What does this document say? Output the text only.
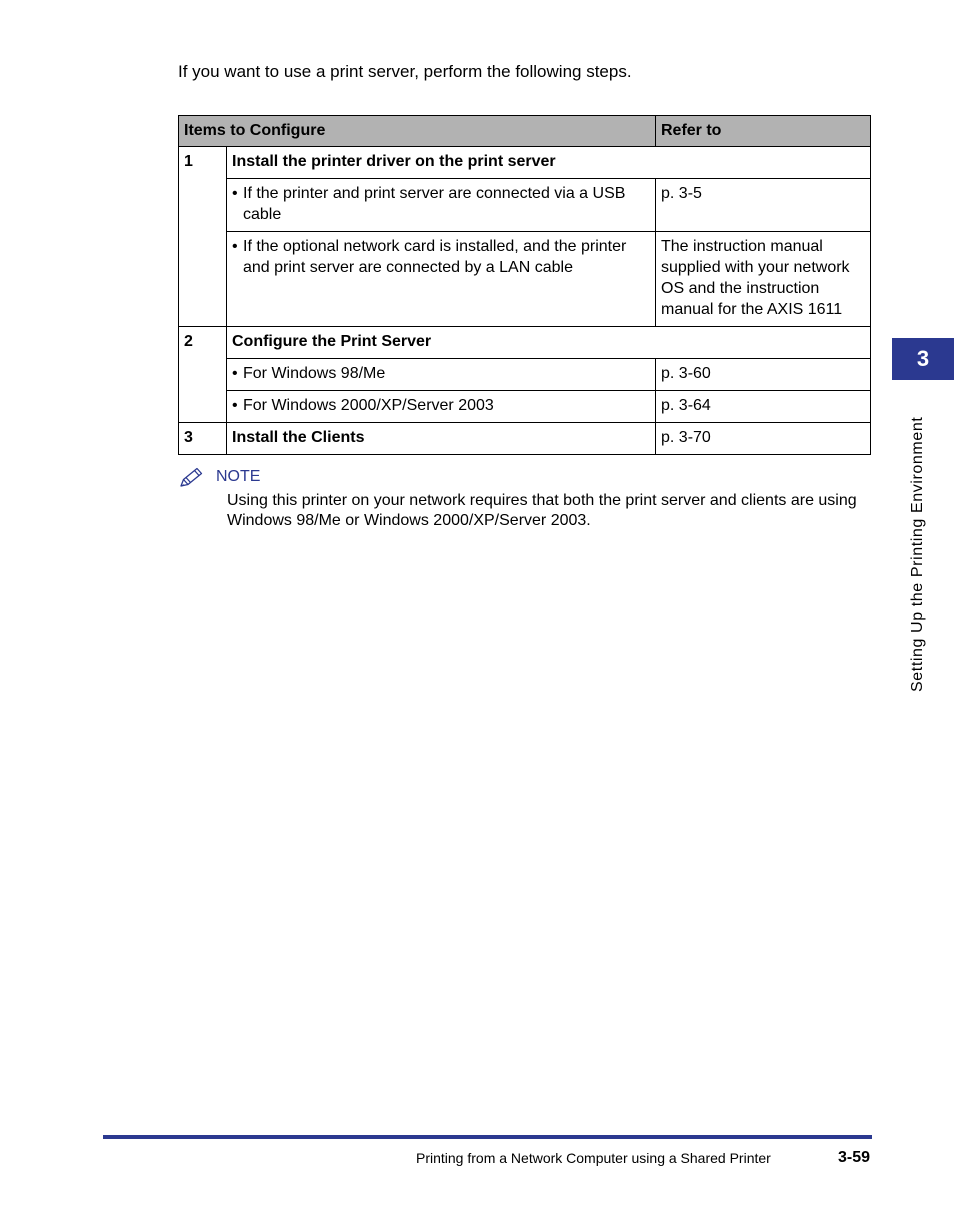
If you want to use a print server, perform the following steps.

Items to Configure		Refer to
1	Install the printer driver on the print server	

	• If the printer and print server are connected via a USB cable	p. 3-5

	• If the optional network card is installed, and the printer and print server are connected by a LAN cable	The instruction manual supplied with your network OS and the instruction manual for the AXIS 1611
2	Configure the Print Server	

	• For Windows 98/Me	p. 3-60

	• For Windows 2000/XP/Server 2003	p. 3-64
3	Install the Clients	p. 3-70
NOTE

Using this printer on your network requires that both the print server and clients are using Windows 98/Me or Windows 2000/XP/Server 2003.

3
Setting Up the Printing Environment
Printing from a Network Computer using a Shared Printer	3-59
